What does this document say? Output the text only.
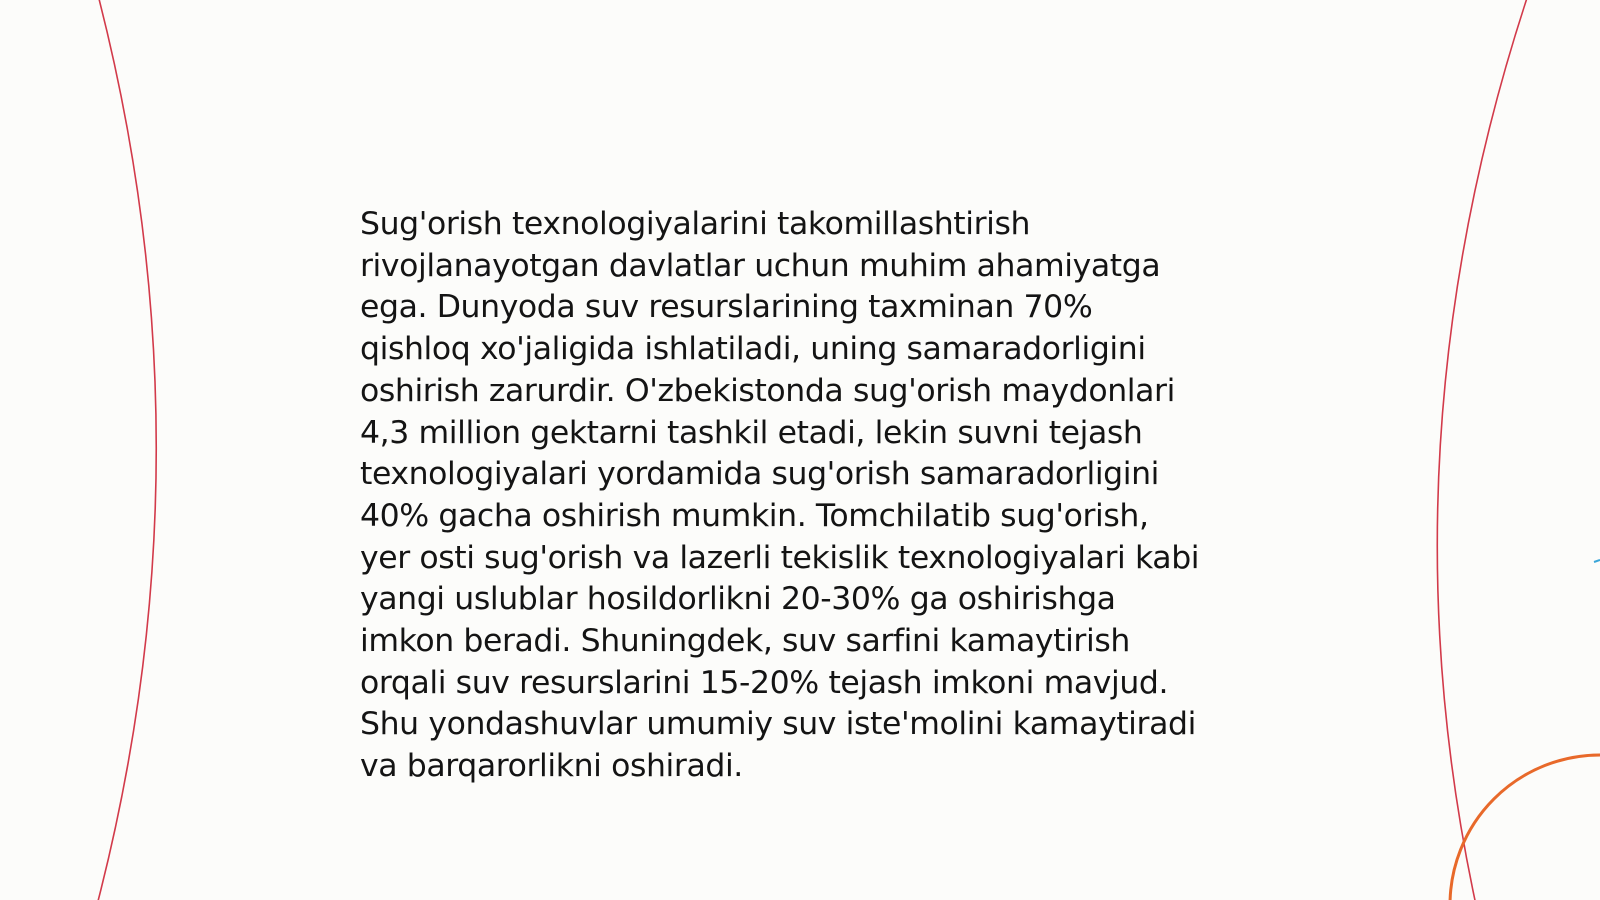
Sug'orish texnologiyalarini takomillashtirish
rivojlanayotgan davlatlar uchun muhim ahamiyatga
ega. Dunyoda suv resurslarining taxminan 70%
qishloq xo'jaligida ishlatiladi, uning samaradorligini
oshirish zarurdir. O'zbekistonda sug'orish maydonlari
4,3 million gektarni tashkil etadi, lekin suvni tejash
texnologiyalari yordamida sug'orish samaradorligini
40% gacha oshirish mumkin. Tomchilatib sug'orish,
yer osti sug'orish va lazerli tekislik texnologiyalari kabi
yangi uslublar hosildorlikni 20-30% ga oshirishga
imkon beradi. Shuningdek, suv sarfini kamaytirish
orqali suv resurslarini 15-20% tejash imkoni mavjud.
Shu yondashuvlar umumiy suv iste'molini kamaytiradi
va barqarorlikni oshiradi.
